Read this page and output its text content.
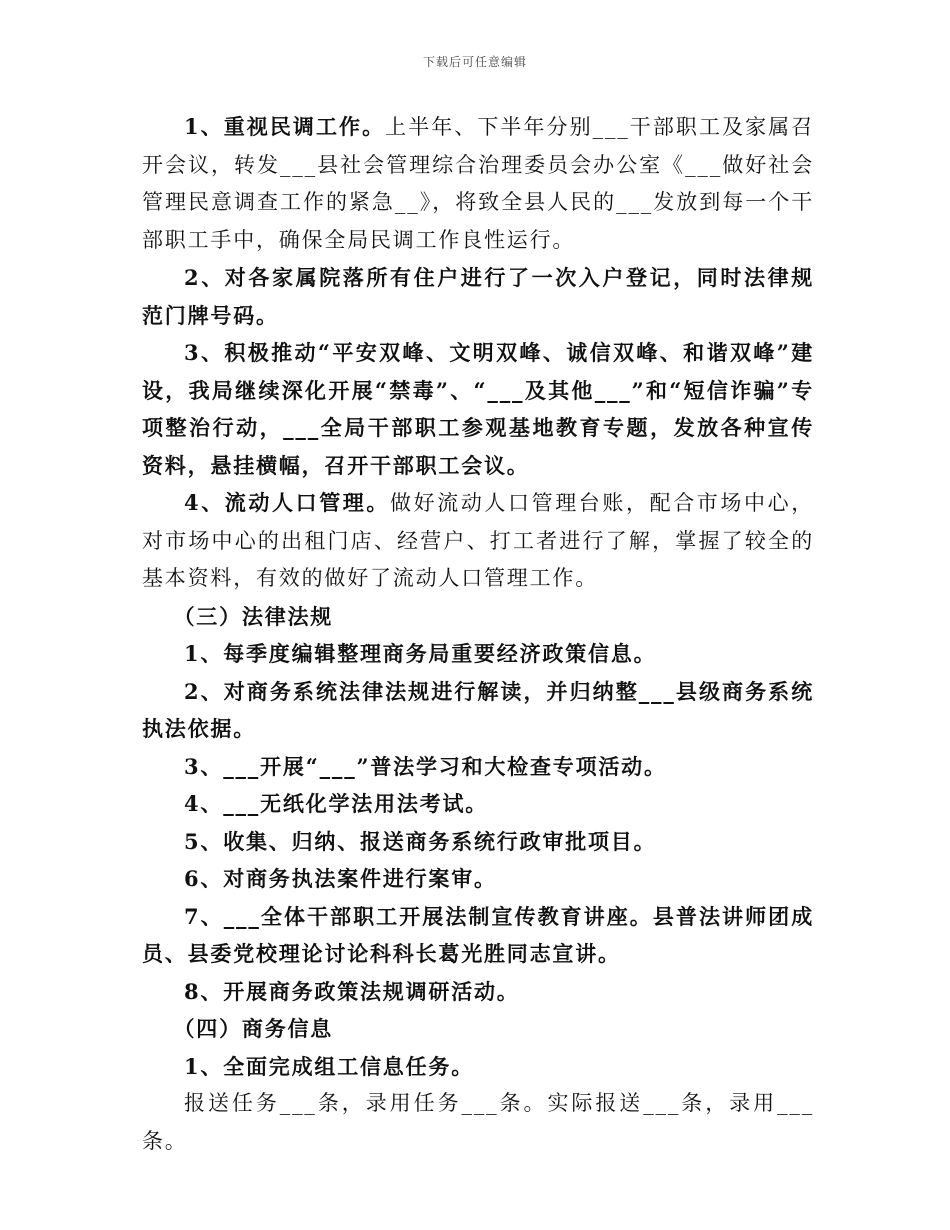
下载后可任意编辑

1、重视民调工作。上半年、下半年分别___干部职工及家属召开会议，转发___县社会管理综合治理委员会办公室《___做好社会管理民意调查工作的紧急__》，将致全县人民的___发放到每一个干部职工手中，确保全局民调工作良性运行。

2、对各家属院落所有住户进行了一次入户登记，同时法律规范门牌号码。

3、积极推动“平安双峰、文明双峰、诚信双峰、和谐双峰”建设，我局继续深化开展“禁毒”、“___及其他___”和“短信诈骗”专项整治行动，___全局干部职工参观基地教育专题，发放各种宣传资料，悬挂横幅，召开干部职工会议。

4、流动人口管理。做好流动人口管理台账，配合市场中心，对市场中心的出租门店、经营户、打工者进行了解，掌握了较全的基本资料，有效的做好了流动人口管理工作。

（三）法律法规

1、每季度编辑整理商务局重要经济政策信息。

2、对商务系统法律法规进行解读，并归纳整___县级商务系统执法依据。

3、___开展“___”普法学习和大检查专项活动。

4、___无纸化学法用法考试。

5、收集、归纳、报送商务系统行政审批项目。

6、对商务执法案件进行案审。

7、___全体干部职工开展法制宣传教育讲座。县普法讲师团成员、县委党校理论讨论科科长葛光胜同志宣讲。

8、开展商务政策法规调研活动。

（四）商务信息

1、全面完成组工信息任务。

报送任务___条，录用任务___条。实际报送___条，录用___条。
